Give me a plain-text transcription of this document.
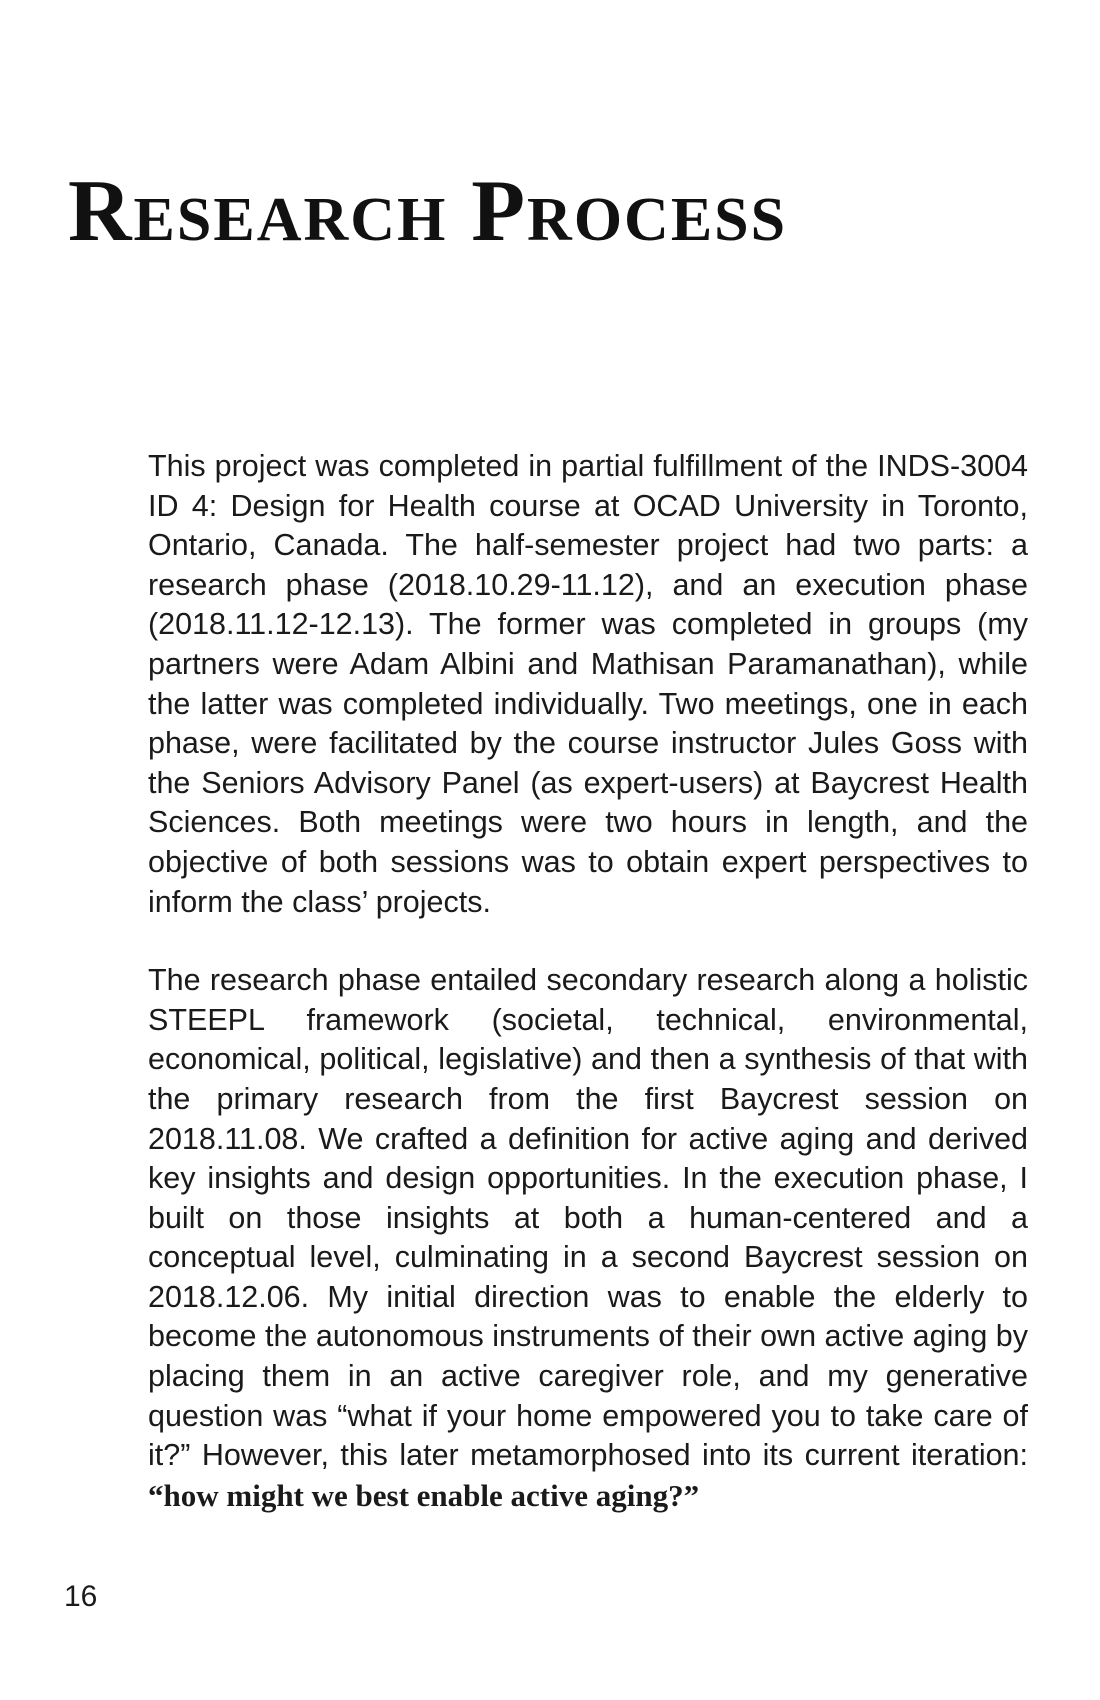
Research Process

This project was completed in partial fulfillment of the INDS-3004 ID 4: Design for Health course at OCAD University in Toronto, Ontario, Canada. The half-semester project had two parts: a research phase (2018.10.29-11.12), and an execution phase (2018.11.12-12.13). The former was completed in groups (my partners were Adam Albini and Mathisan Paramanathan), while the latter was completed individually. Two meetings, one in each phase, were facilitated by the course instructor Jules Goss with the Seniors Advisory Panel (as expert-users) at Baycrest Health Sciences. Both meetings were two hours in length, and the objective of both sessions was to obtain expert perspectives to inform the class’ projects.

The research phase entailed secondary research along a holistic STEEPL framework (societal, technical, environmental, economical, political, legislative) and then a synthesis of that with the primary research from the first Baycrest session on 2018.11.08. We crafted a definition for active aging and derived key insights and design opportunities. In the execution phase, I built on those insights at both a human-centered and a conceptual level, culminating in a second Baycrest session on 2018.12.06. My initial direction was to enable the elderly to become the autonomous instruments of their own active aging by placing them in an active caregiver role, and my generative question was “what if your home empowered you to take care of it?” However, this later metamorphosed into its current iteration: “how might we best enable active aging?”

16
